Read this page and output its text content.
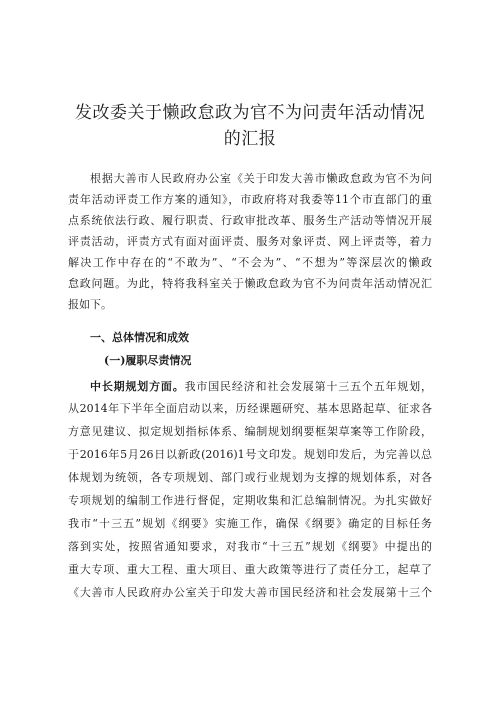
发改委关于懒政怠政为官不为问责年活动情况
的汇报
根据大善市人民政府办公室《关于印发大善市懒政怠政为官不为问
责年活动评责工作方案的通知》，市政府将对我委等11个市直部门的重
点系统依法行政、履行职责、行政审批改革、服务生产活动等情况开展
评责活动，评责方式有面对面评责、服务对象评责、网上评责等，着力
解决工作中存在的“不敢为”、“不会为”、“不想为”等深层次的懒政
怠政问题。为此，特将我科室关于懒政怠政为官不为问责年活动情况汇
报如下。
一、总体情况和成效
(一)履职尽责情况
中长期规划方面。我市国民经济和社会发展第十三五个五年规划，
从2014年下半年全面启动以来，历经课题研究、基本思路起草、征求各
方意见建议、拟定规划指标体系、编制规划纲要框架草案等工作阶段，
于2016年5月26日以新政(2016)1号文印发。规划印发后，为完善以总
体规划为统领，各专项规划、部门或行业规划为支撑的规划体系，对各
专项规划的编制工作进行督促，定期收集和汇总编制情况。为扎实做好
我市“十三五”规划《纲要》实施工作，确保《纲要》确定的目标任务
落到实处，按照省通知要求，对我市“十三五”规划《纲要》中提出的
重大专项、重大工程、重大项目、重大政策等进行了责任分工，起草了
《大善市人民政府办公室关于印发大善市国民经济和社会发展第十三个
